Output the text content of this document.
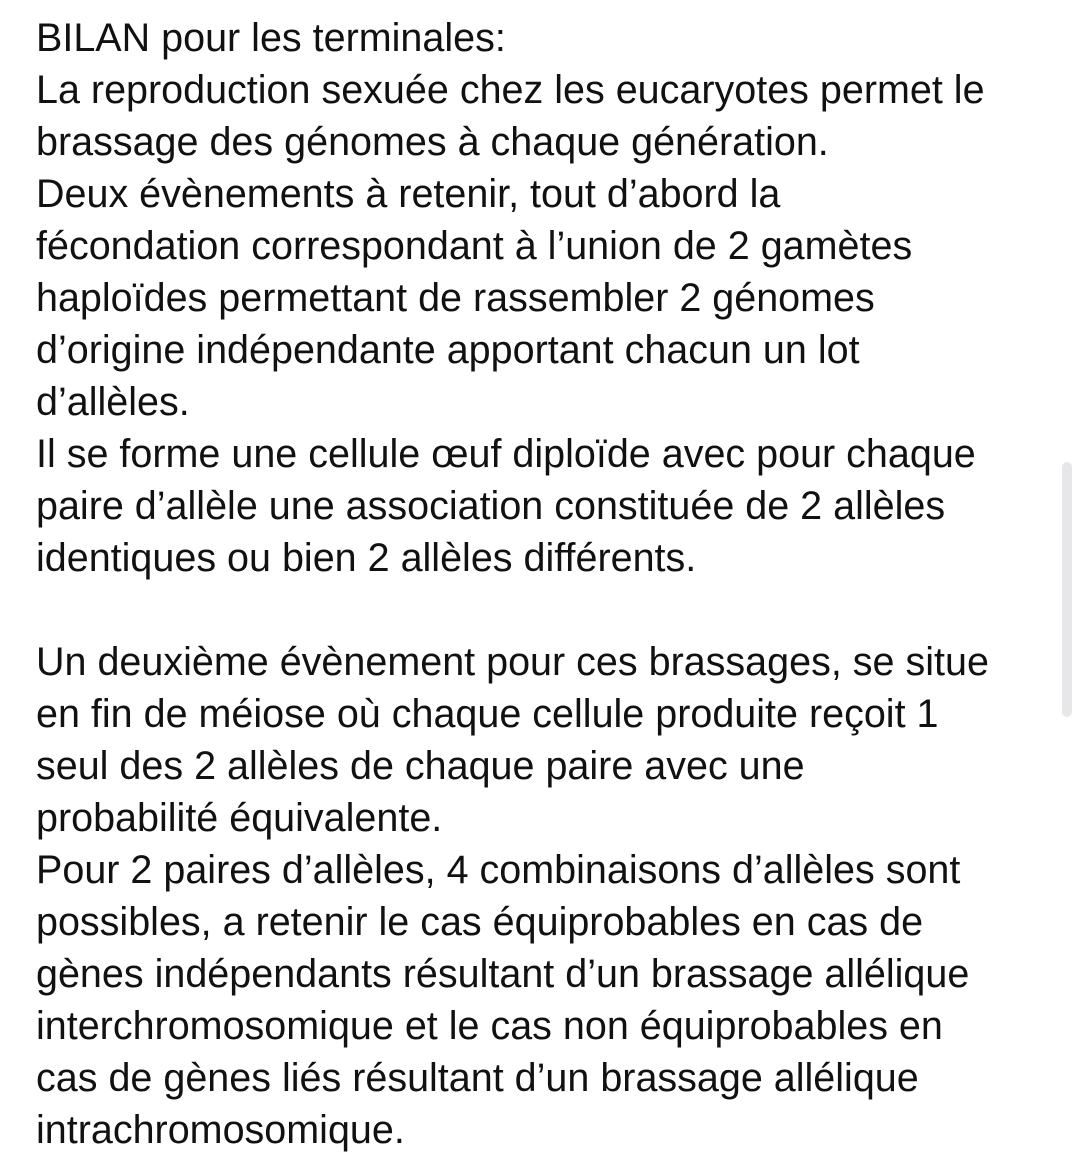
BILAN pour les terminales:
La reproduction sexuée chez les eucaryotes permet le
brassage des génomes à chaque génération.
Deux évènements à retenir, tout d’abord la
fécondation correspondant à l’union de 2 gamètes
haploïdes permettant de rassembler 2 génomes
d’origine indépendante apportant chacun un lot
d’allèles.
Il se forme une cellule œuf diploïde avec pour chaque
paire d’allèle une association constituée de 2 allèles
identiques ou bien 2 allèles différents.
Un deuxième évènement pour ces brassages, se situe
en fin de méiose où chaque cellule produite reçoit 1
seul des 2 allèles de chaque paire avec une
probabilité équivalente.
Pour 2 paires d’allèles, 4 combinaisons d’allèles sont
possibles, a retenir le cas équiprobables en cas de
gènes indépendants résultant d’un brassage allélique
interchromosomique et le cas non équiprobables en
cas de gènes liés résultant d’un brassage allélique
intrachromosomique.
